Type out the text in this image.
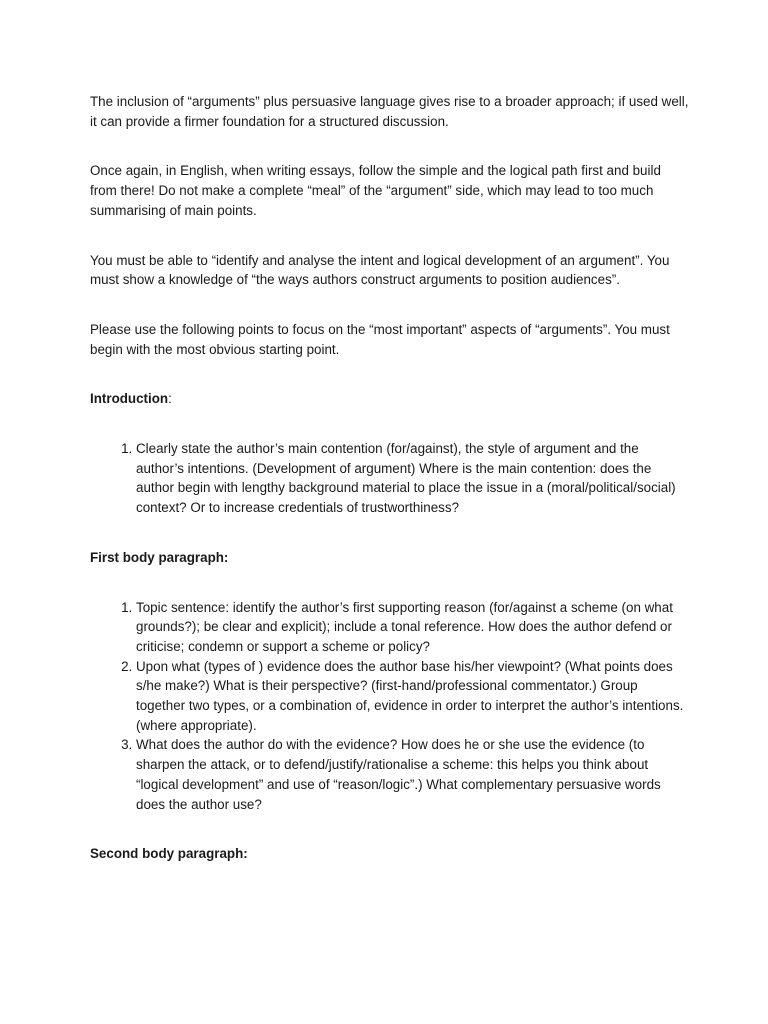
The inclusion of “arguments” plus persuasive language gives rise to a broader approach; if used well, it can provide a firmer foundation for a structured discussion.

Once again, in English, when writing essays, follow the simple and the logical path first and build from there! Do not make a complete “meal” of the “argument” side, which may lead to too much summarising of main points.

You must be able to “identify and analyse the intent and logical development of an argument”. You must show a knowledge of “the ways authors construct arguments to position audiences”.

Please use the following points to focus on the “most important” aspects of “arguments”. You must begin with the most obvious starting point.

Introduction:

1. Clearly state the author’s main contention (for/against), the style of argument and the author’s intentions. (Development of argument) Where is the main contention: does the author begin with lengthy background material to place the issue in a (moral/political/social) context? Or to increase credentials of trustworthiness?

First body paragraph:

1. Topic sentence: identify the author’s first supporting reason (for/against a scheme (on what grounds?); be clear and explicit); include a tonal reference. How does the author defend or criticise; condemn or support a scheme or policy?
2. Upon what (types of ) evidence does the author base his/her viewpoint? (What points does s/he make?) What is their perspective? (first-hand/professional commentator.) Group together two types, or a combination of, evidence in order to interpret the author’s intentions. (where appropriate).
3. What does the author do with the evidence? How does he or she use the evidence (to sharpen the attack, or to defend/justify/rationalise a scheme: this helps you think about “logical development” and use of “reason/logic”.) What complementary persuasive words does the author use?

Second body paragraph:
